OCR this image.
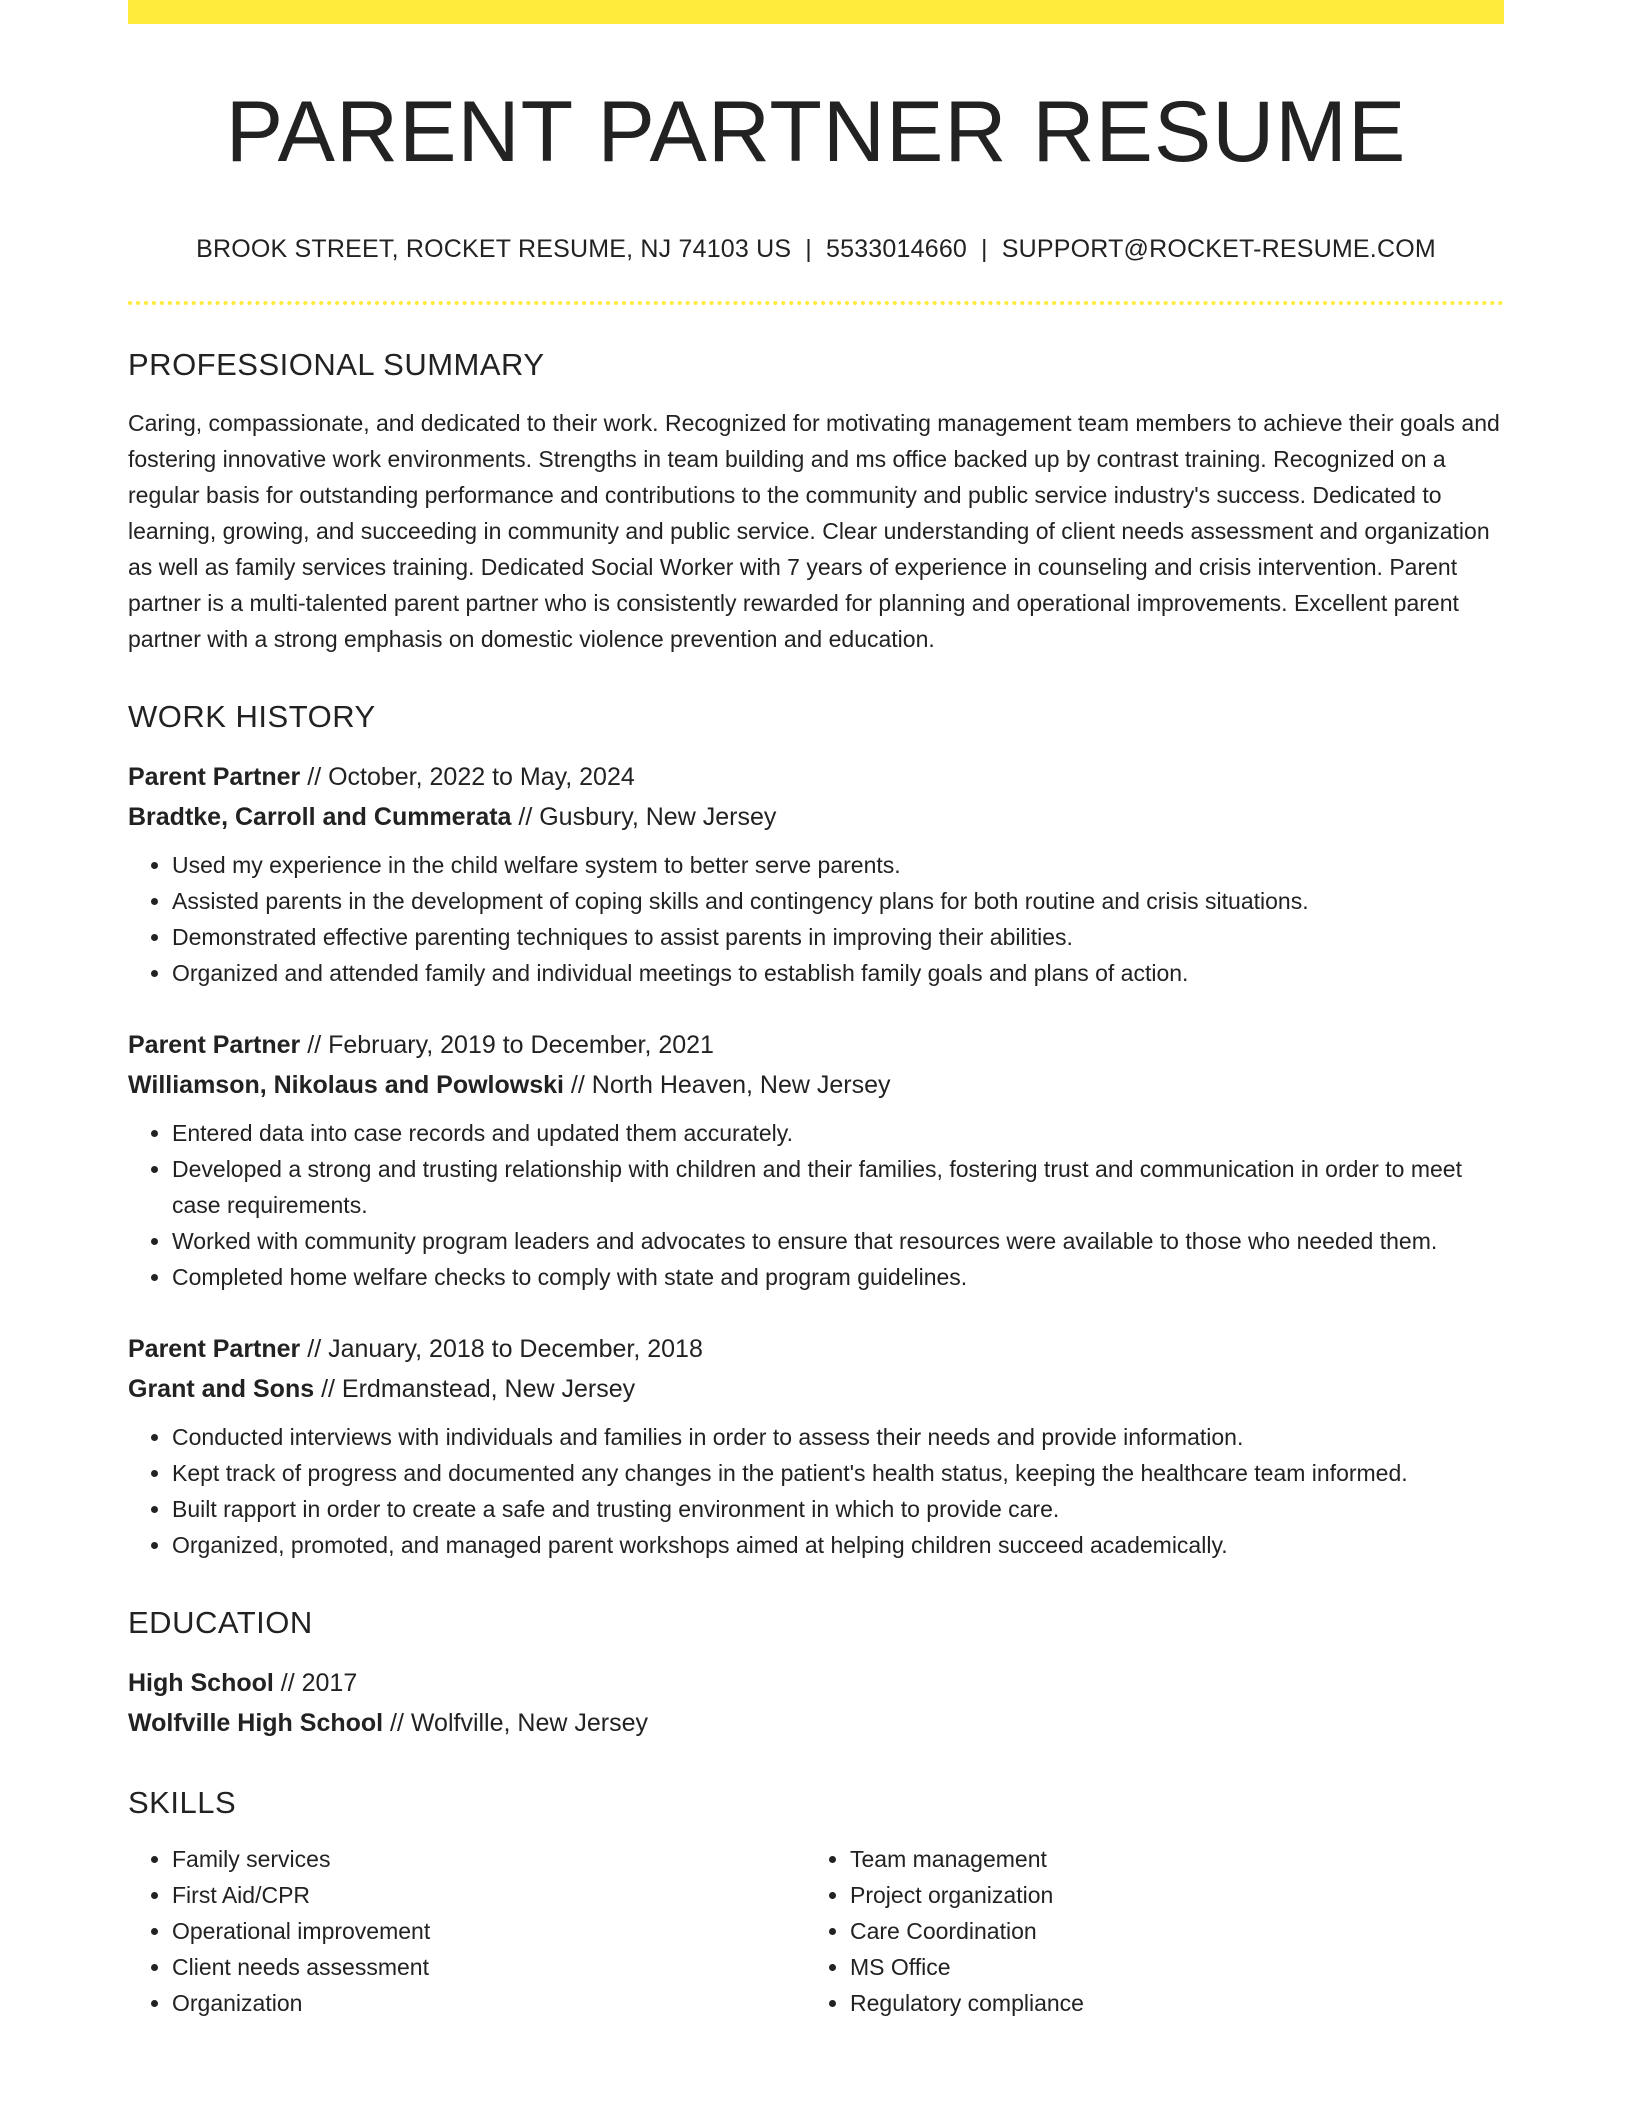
PARENT PARTNER RESUME
BROOK STREET, ROCKET RESUME, NJ 74103 US | 5533014660 | SUPPORT@ROCKET-RESUME.COM
PROFESSIONAL SUMMARY
Caring, compassionate, and dedicated to their work. Recognized for motivating management team members to achieve their goals and fostering innovative work environments. Strengths in team building and ms office backed up by contrast training. Recognized on a regular basis for outstanding performance and contributions to the community and public service industry's success. Dedicated to learning, growing, and succeeding in community and public service. Clear understanding of client needs assessment and organization as well as family services training. Dedicated Social Worker with 7 years of experience in counseling and crisis intervention. Parent partner is a multi-talented parent partner who is consistently rewarded for planning and operational improvements. Excellent parent partner with a strong emphasis on domestic violence prevention and education.
WORK HISTORY
Parent Partner // October, 2022 to May, 2024
Bradtke, Carroll and Cummerata // Gusbury, New Jersey
• Used my experience in the child welfare system to better serve parents.
• Assisted parents in the development of coping skills and contingency plans for both routine and crisis situations.
• Demonstrated effective parenting techniques to assist parents in improving their abilities.
• Organized and attended family and individual meetings to establish family goals and plans of action.
Parent Partner // February, 2019 to December, 2021
Williamson, Nikolaus and Powlowski // North Heaven, New Jersey
• Entered data into case records and updated them accurately.
• Developed a strong and trusting relationship with children and their families, fostering trust and communication in order to meet case requirements.
• Worked with community program leaders and advocates to ensure that resources were available to those who needed them.
• Completed home welfare checks to comply with state and program guidelines.
Parent Partner // January, 2018 to December, 2018
Grant and Sons // Erdmanstead, New Jersey
• Conducted interviews with individuals and families in order to assess their needs and provide information.
• Kept track of progress and documented any changes in the patient's health status, keeping the healthcare team informed.
• Built rapport in order to create a safe and trusting environment in which to provide care.
• Organized, promoted, and managed parent workshops aimed at helping children succeed academically.
EDUCATION
High School // 2017
Wolfville High School // Wolfville, New Jersey
SKILLS
• Family services
• First Aid/CPR
• Operational improvement
• Client needs assessment
• Organization
• Team management
• Project organization
• Care Coordination
• MS Office
• Regulatory compliance
